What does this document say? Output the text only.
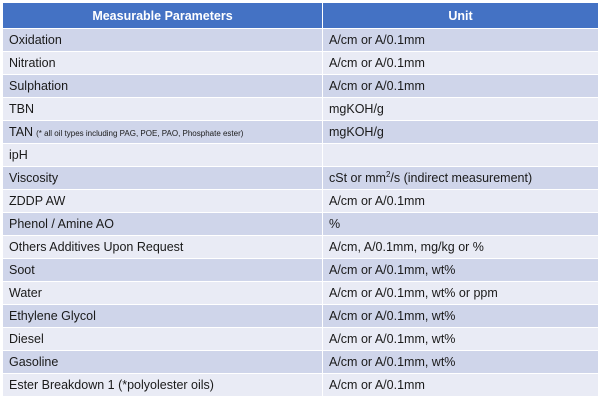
Measurable Parameters	Unit
Oxidation	A/cm or A/0.1mm
Nitration	A/cm or A/0.1mm
Sulphation	A/cm or A/0.1mm
TBN	mgKOH/g
TAN (* all oil types including PAG, POE, PAO, Phosphate ester)	mgKOH/g
ipH	
Viscosity	cSt or $mm^2/s$ (indirect measurement)
ZDDP AW	A/cm or A/0.1mm
Phenol / Amine AO	%
Others Additives Upon Request	A/cm, A/0.1mm, mg/kg or %
Soot	A/cm or A/0.1mm, wt%
Water	A/cm or A/0.1mm, wt% or ppm
Ethylene Glycol	A/cm or A/0.1mm, wt%
Diesel	A/cm or A/0.1mm, wt%
Gasoline	A/cm or A/0.1mm, wt%
Ester Breakdown 1 (*polyolester oils)	A/cm or A/0.1mm
